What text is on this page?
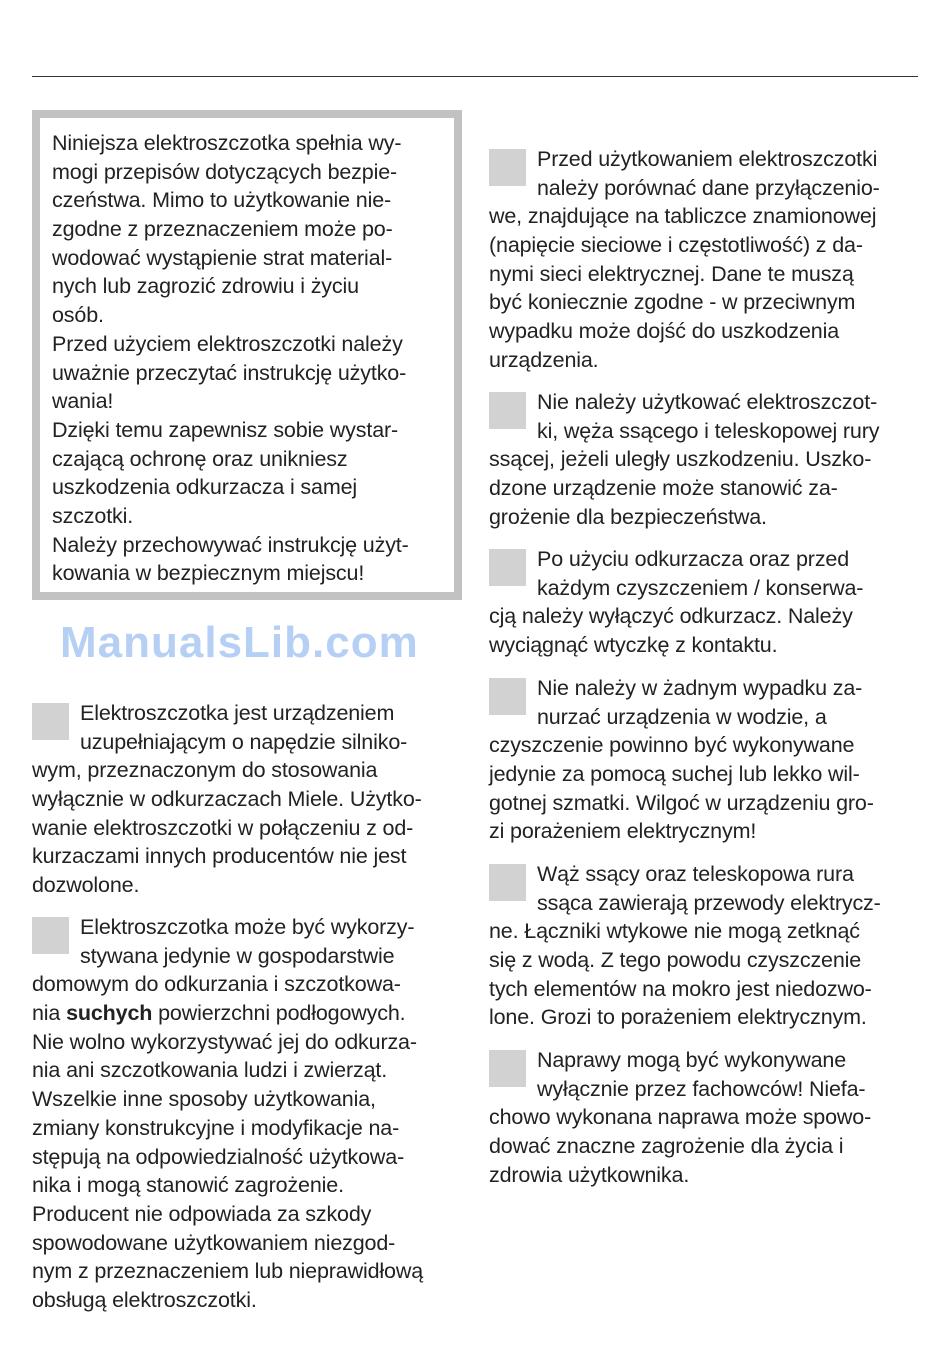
Niniejsza elektroszczotka spełnia wy-
mogi przepisów dotyczących bezpie-
czeństwa. Mimo to użytkowanie nie-
zgodne z przeznaczeniem może po-
wodować wystąpienie strat material-
nych lub zagrozić zdrowiu i życiu
osób.
Przed użyciem elektroszczotki należy
uważnie przeczytać instrukcję użytko-
wania!
Dzięki temu zapewnisz sobie wystar-
czającą ochronę oraz unikniesz
uszkodzenia odkurzacza i samej
szczotki.
Należy przechowywać instrukcję użyt-
kowania w bezpiecznym miejscu!
Elektroszczotka jest urządzeniem
uzupełniającym o napędzie silniko-
wym, przeznaczonym do stosowania
wyłącznie w odkurzaczach Miele. Użytko-
wanie elektroszczotki w połączeniu z od-
kurzaczami innych producentów nie jest
dozwolone.
Elektroszczotka może być wykorzy-
stywana jedynie w gospodarstwie
domowym do odkurzania i szczotkowa-
nia suchych powierzchni podłogowych.
Nie wolno wykorzystywać jej do odkurza-
nia ani szczotkowania ludzi i zwierząt.
Wszelkie inne sposoby użytkowania,
zmiany konstrukcyjne i modyfikacje na-
stępują na odpowiedzialność użytkowa-
nika i mogą stanowić zagrożenie.
Producent nie odpowiada za szkody
spowodowane użytkowaniem niezgod-
nym z przeznaczeniem lub nieprawidłową
obsługą elektroszczotki.
Przed użytkowaniem elektroszczotki
należy porównać dane przyłączenio-
we, znajdujące na tabliczce znamionowej
(napięcie sieciowe i częstotliwość) z da-
nymi sieci elektrycznej. Dane te muszą
być koniecznie zgodne - w przeciwnym
wypadku może dojść do uszkodzenia
urządzenia.
Nie należy użytkować elektroszczot-
ki, węża ssącego i teleskopowej rury
ssącej, jeżeli uległy uszkodzeniu. Uszko-
dzone urządzenie może stanowić za-
grożenie dla bezpieczeństwa.
Po użyciu odkurzacza oraz przed
każdym czyszczeniem / konserwa-
cją należy wyłączyć odkurzacz. Należy
wyciągnąć wtyczkę z kontaktu.
Nie należy w żadnym wypadku za-
nurzać urządzenia w wodzie, a
czyszczenie powinno być wykonywane
jedynie za pomocą suchej lub lekko wil-
gotnej szmatki. Wilgoć w urządzeniu gro-
zi porażeniem elektrycznym!
Wąż ssący oraz teleskopowa rura
ssąca zawierają przewody elektrycz-
ne. Łączniki wtykowe nie mogą zetknąć
się z wodą. Z tego powodu czyszczenie
tych elementów na mokro jest niedozwo-
lone. Grozi to porażeniem elektrycznym.
Naprawy mogą być wykonywane
wyłącznie przez fachowców! Niefa-
chowo wykonana naprawa może spowo-
dować znaczne zagrożenie dla życia i
zdrowia użytkownika.
ManualsLib.com
